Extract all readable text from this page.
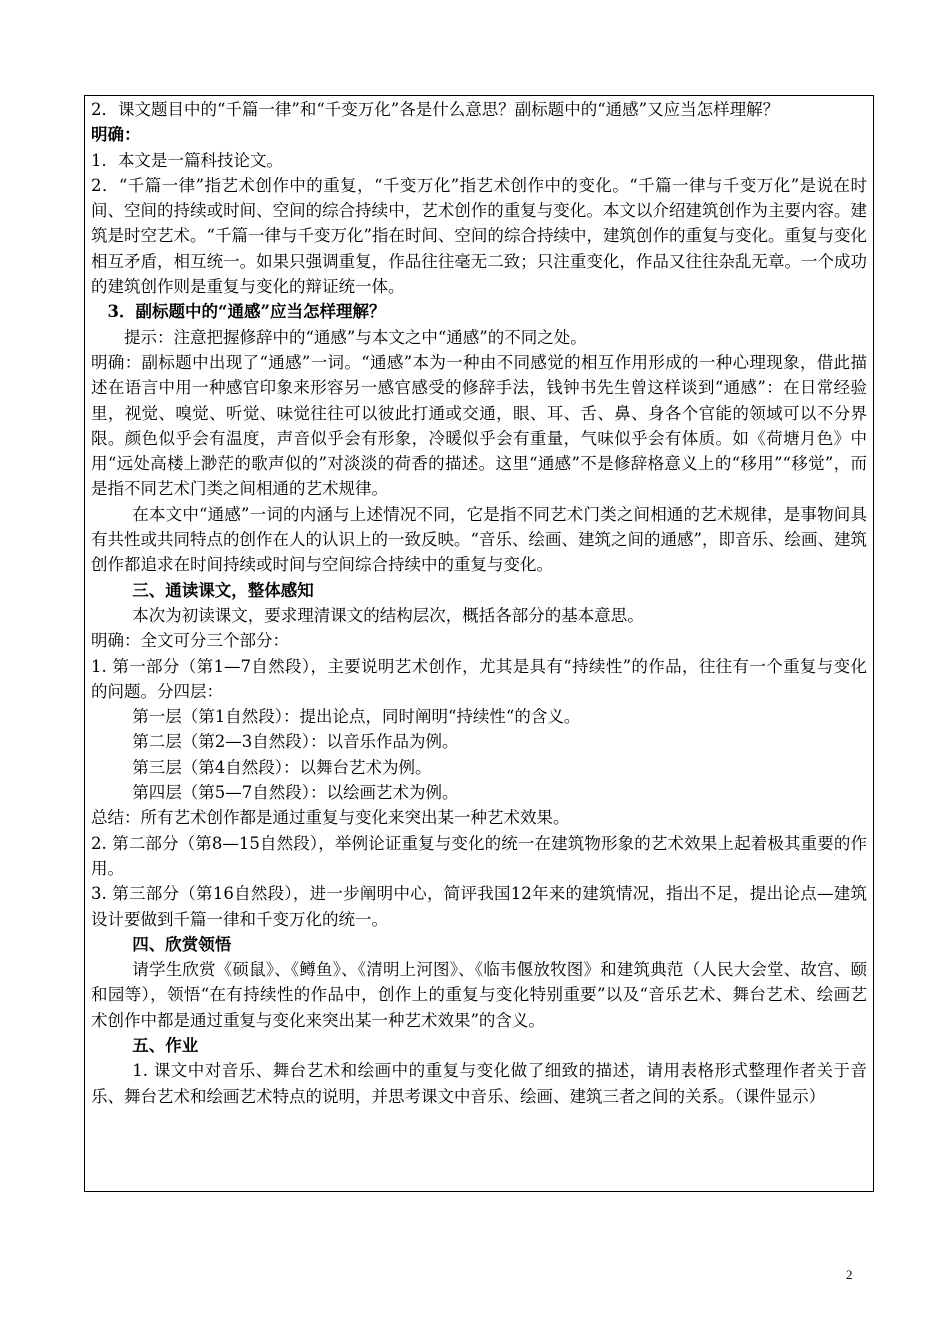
2．课文题目中的“千篇一律”和“千变万化”各是什么意思？副标题中的“通感”又应当怎样理解？

明确：

1．本文是一篇科技论文。

2．“千篇一律”指艺术创作中的重复，“千变万化”指艺术创作中的变化。“千篇一律与千变万化”是说在时间、空间的持续或时间、空间的综合持续中，艺术创作的重复与变化。本文以介绍建筑创作为主要内容。建筑是时空艺术。“千篇一律与千变万化”指在时间、空间的综合持续中，建筑创作的重复与变化。重复与变化相互矛盾，相互统一。如果只强调重复，作品往往毫无二致；只注重变化，作品又往往杂乱无章。一个成功的建筑创作则是重复与变化的辩证统一体。

3．副标题中的“通感”应当怎样理解？

提示：注意把握修辞中的“通感”与本文之中“通感”的不同之处。

明确：副标题中出现了“通感”一词。“通感”本为一种由不同感觉的相互作用形成的一种心理现象，借此描述在语言中用一种感官印象来形容另一感官感受的修辞手法，钱钟书先生曾这样谈到“通感”：在日常经验里，视觉、嗅觉、听觉、味觉往往可以彼此打通或交通，眼、耳、舌、鼻、身各个官能的领域可以不分界限。颜色似乎会有温度，声音似乎会有形象，冷暖似乎会有重量，气味似乎会有体质。如《荷塘月色》中用“远处高楼上渺茫的歌声似的”对淡淡的荷香的描述。这里“通感”不是修辞格意义上的“移用”“移觉”，而是指不同艺术门类之间相通的艺术规律。

在本文中“通感”一词的内涵与上述情况不同，它是指不同艺术门类之间相通的艺术规律，是事物间具有共性或共同特点的创作在人的认识上的一致反映。“音乐、绘画、建筑之间的通感”，即音乐、绘画、建筑创作都追求在时间持续或时间与空间综合持续中的重复与变化。

三、通读课文，整体感知

本次为初读课文，要求理清课文的结构层次，概括各部分的基本意思。

明确：全文可分三个部分：

1. 第一部分（第1—7自然段），主要说明艺术创作，尤其是具有“持续性”的作品，往往有一个重复与变化的问题。分四层：

第一层（第1自然段）：提出论点，同时阐明“持续性“的含义。

第二层（第2—3自然段）：以音乐作品为例。

第三层（第4自然段）：以舞台艺术为例。

第四层（第5—7自然段）：以绘画艺术为例。

总结：所有艺术创作都是通过重复与变化来突出某一种艺术效果。

2. 第二部分（第8—15自然段），举例论证重复与变化的统一在建筑物形象的艺术效果上起着极其重要的作用。

3. 第三部分（第16自然段），进一步阐明中心，简评我国12年来的建筑情况，指出不足，提出论点—建筑设计要做到千篇一律和千变万化的统一。

四、欣赏领悟

请学生欣赏《硕鼠》、《鳟鱼》、《清明上河图》、《临韦偃放牧图》和建筑典范（人民大会堂、故宫、颐和园等），领悟“在有持续性的作品中，创作上的重复与变化特别重要”以及“音乐艺术、舞台艺术、绘画艺术创作中都是通过重复与变化来突出某一种艺术效果”的含义。

五、作业

1. 课文中对音乐、舞台艺术和绘画中的重复与变化做了细致的描述，请用表格形式整理作者关于音乐、舞台艺术和绘画艺术特点的说明，并思考课文中音乐、绘画、建筑三者之间的关系。（课件显示）

2
